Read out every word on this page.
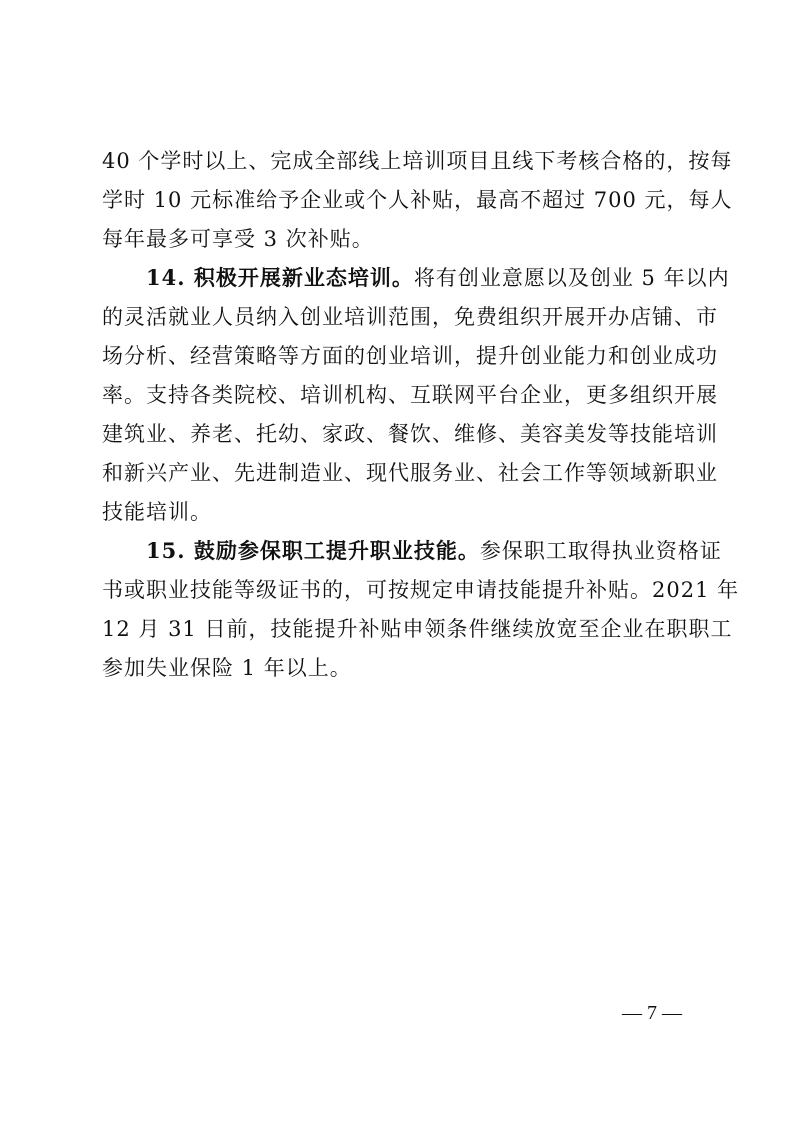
40 个学时以上、完成全部线上培训项目且线下考核合格的，按每
学时 10 元标准给予企业或个人补贴，最高不超过 700 元，每人
每年最多可享受 3 次补贴。
14. 积极开展新业态培训。将有创业意愿以及创业 5 年以内
的灵活就业人员纳入创业培训范围，免费组织开展开办店铺、市
场分析、经营策略等方面的创业培训，提升创业能力和创业成功
率。支持各类院校、培训机构、互联网平台企业，更多组织开展
建筑业、养老、托幼、家政、餐饮、维修、美容美发等技能培训
和新兴产业、先进制造业、现代服务业、社会工作等领域新职业
技能培训。
15. 鼓励参保职工提升职业技能。参保职工取得执业资格证
书或职业技能等级证书的，可按规定申请技能提升补贴。2021 年
12 月 31 日前，技能提升补贴申领条件继续放宽至企业在职职工
参加失业保险 1 年以上。
— 7 —
